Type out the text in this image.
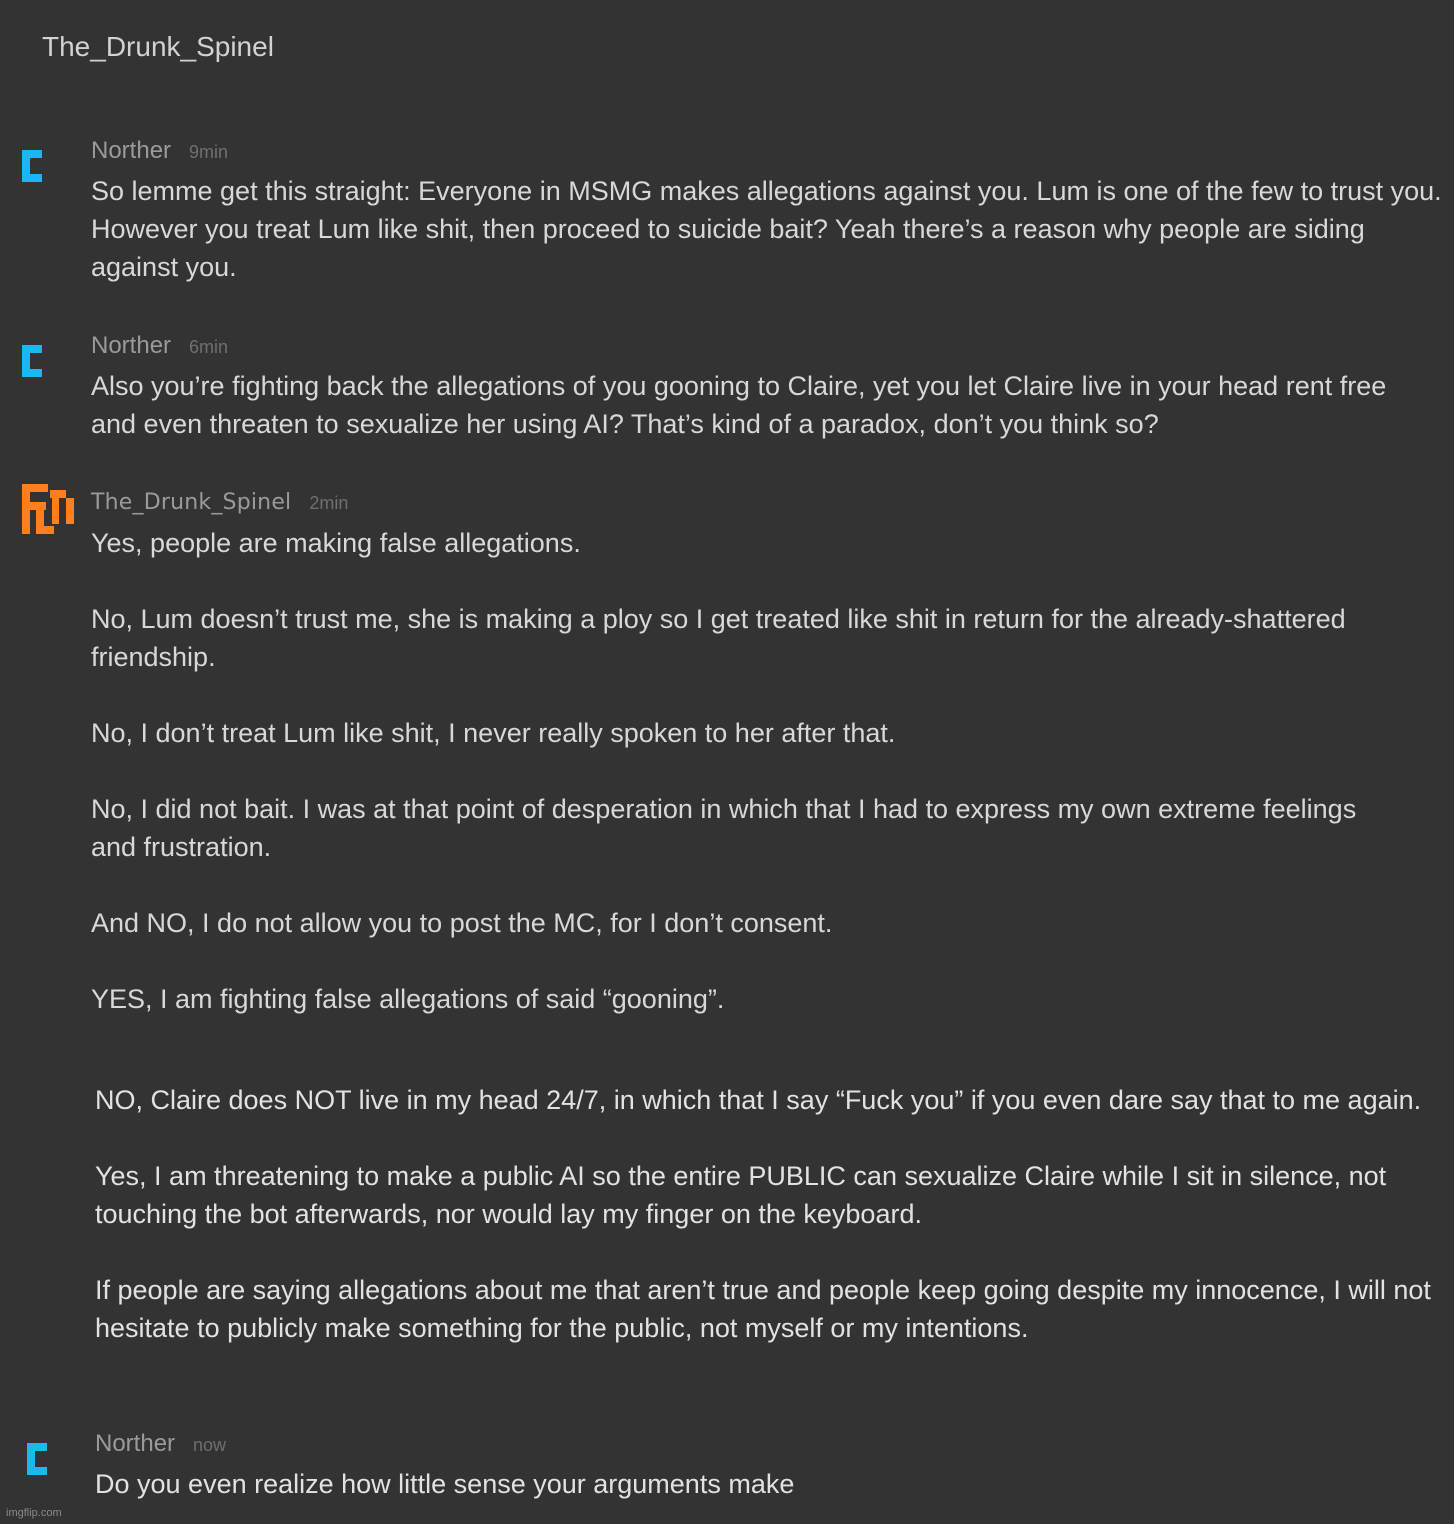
The_Drunk_Spinel
Norther 9min

So lemme get this straight: Everyone in MSMG makes allegations against you. Lum is one of the few to trust you. However you treat Lum like shit, then proceed to suicide bait? Yeah there’s a reason why people are siding against you.

Norther 6min

Also you’re fighting back the allegations of you gooning to Claire, yet you let Claire live in your head rent free and even threaten to sexualize her using AI? That’s kind of a paradox, don’t you think so?

The_Drunk_Spinel 2min

Yes, people are making false allegations.

No, Lum doesn’t trust me, she is making a ploy so I get treated like shit in return for the already-shattered friendship.

No, I don’t treat Lum like shit, I never really spoken to her after that.

No, I did not bait. I was at that point of desperation in which that I had to express my own extreme feelings and frustration.

And NO, I do not allow you to post the MC, for I don’t consent.

YES, I am fighting false allegations of said “gooning”.

NO, Claire does NOT live in my head 24/7, in which that I say “Fuck you” if you even dare say that to me again.

Yes, I am threatening to make a public AI so the entire PUBLIC can sexualize Claire while I sit in silence, not touching the bot afterwards, nor would lay my finger on the keyboard.

If people are saying allegations about me that aren’t true and people keep going despite my innocence, I will not hesitate to publicly make something for the public, not myself or my intentions.

Norther now

Do you even realize how little sense your arguments make

imgflip.com
